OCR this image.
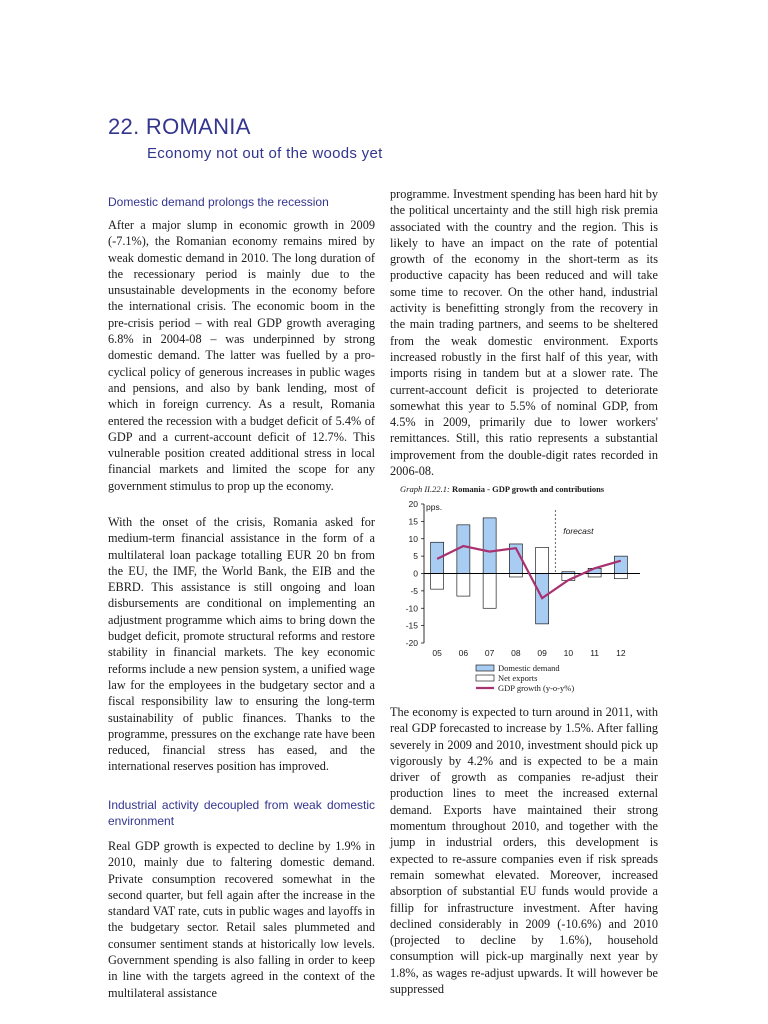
22. ROMANIA
Economy not out of the woods yet
Domestic demand prolongs the recession

After a major slump in economic growth in 2009 (-7.1%), the Romanian economy remains mired by weak domestic demand in 2010. The long duration of the recessionary period is mainly due to the unsustainable developments in the economy before the international crisis. The economic boom in the pre-crisis period – with real GDP growth averaging 6.8% in 2004-08 – was underpinned by strong domestic demand. The latter was fuelled by a pro-cyclical policy of generous increases in public wages and pensions, and also by bank lending, most of which in foreign currency. As a result, Romania entered the recession with a budget deficit of 5.4% of GDP and a current-account deficit of 12.7%. This vulnerable position created additional stress in local financial markets and limited the scope for any government stimulus to prop up the economy.

With the onset of the crisis, Romania asked for medium-term financial assistance in the form of a multilateral loan package totalling EUR 20 bn from the EU, the IMF, the World Bank, the EIB and the EBRD. This assistance is still ongoing and loan disbursements are conditional on implementing an adjustment programme which aims to bring down the budget deficit, promote structural reforms and restore stability in financial markets. The key economic reforms include a new pension system, a unified wage law for the employees in the budgetary sector and a fiscal responsibility law to ensuring the long-term sustainability of public finances. Thanks to the programme, pressures on the exchange rate have been reduced, financial stress has eased, and the international reserves position has improved.

Industrial activity decoupled from weak domestic environment

Real GDP growth is expected to decline by 1.9% in 2010, mainly due to faltering domestic demand. Private consumption recovered somewhat in the second quarter, but fell again after the increase in the standard VAT rate, cuts in public wages and layoffs in the budgetary sector. Retail sales plummeted and consumer sentiment stands at historically low levels. Government spending is also falling in order to keep in line with the targets agreed in the context of the multilateral assistance

programme. Investment spending has been hard hit by the political uncertainty and the still high risk premia associated with the country and the region. This is likely to have an impact on the rate of potential growth of the economy in the short-term as its productive capacity has been reduced and will take some time to recover. On the other hand, industrial activity is benefitting strongly from the recovery in the main trading partners, and seems to be sheltered from the weak domestic environment. Exports increased robustly in the first half of this year, with imports rising in tandem but at a slower rate. The current-account deficit is projected to deteriorate somewhat this year to 5.5% of nominal GDP, from 4.5% in 2009, primarily due to lower workers' remittances. Still, this ratio represents a substantial improvement from the double-digit rates recorded in 2006-08.

Graph II.22.1: Romania - GDP growth and contributions
20
15
10
5
0
-5
-10
-15
-20
pps.
forecast
05 06 07 08 09 10 11 12
Domestic demand
Net exports
GDP growth (y-o-y%)

The economy is expected to turn around in 2011, with real GDP forecasted to increase by 1.5%. After falling severely in 2009 and 2010, investment should pick up vigorously by 4.2% and is expected to be a main driver of growth as companies re-adjust their production lines to meet the increased external demand. Exports have maintained their strong momentum throughout 2010, and together with the jump in industrial orders, this development is expected to re-assure companies even if risk spreads remain somewhat elevated. Moreover, increased absorption of substantial EU funds would provide a fillip for infrastructure investment. After having declined considerably in 2009 (-10.6%) and 2010 (projected to decline by 1.6%), household consumption will pick-up marginally next year by 1.8%, as wages re-adjust upwards. It will however be suppressed
